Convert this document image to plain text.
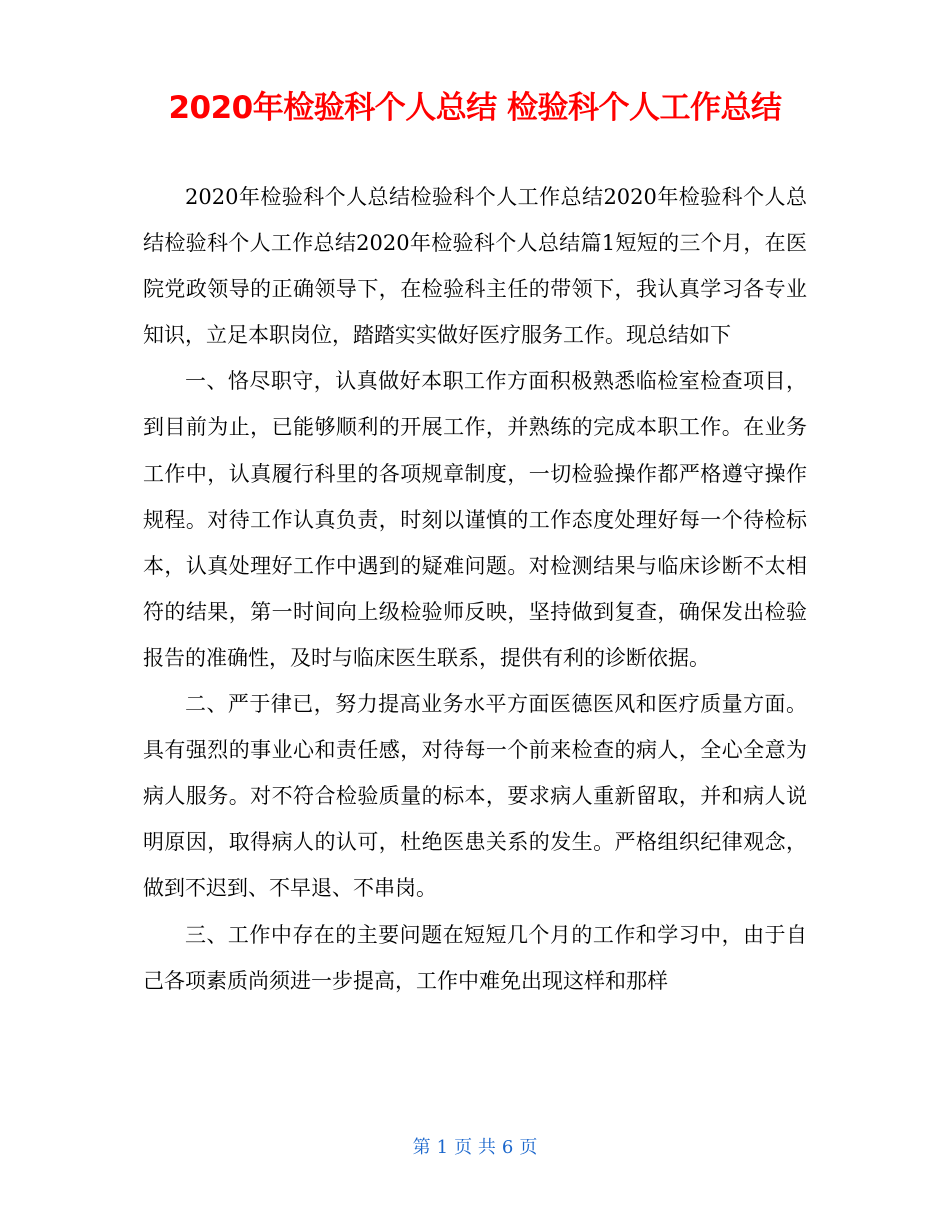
2020年检验科个人总结 检验科个人工作总结

2020年检验科个人总结检验科个人工作总结2020年检验科个人总结检验科个人工作总结2020年检验科个人总结篇1短短的三个月，在医院党政领导的正确领导下，在检验科主任的带领下，我认真学习各专业知识，立足本职岗位，踏踏实实做好医疗服务工作。现总结如下

一、恪尽职守，认真做好本职工作方面积极熟悉临检室检查项目，到目前为止，已能够顺利的开展工作，并熟练的完成本职工作。在业务工作中，认真履行科里的各项规章制度，一切检验操作都严格遵守操作规程。对待工作认真负责，时刻以谨慎的工作态度处理好每一个待检标本，认真处理好工作中遇到的疑难问题。对检测结果与临床诊断不太相符的结果，第一时间向上级检验师反映，坚持做到复查，确保发出检验报告的准确性，及时与临床医生联系，提供有利的诊断依据。

二、严于律已，努力提高业务水平方面医德医风和医疗质量方面。具有强烈的事业心和责任感，对待每一个前来检查的病人，全心全意为病人服务。对不符合检验质量的标本，要求病人重新留取，并和病人说明原因，取得病人的认可，杜绝医患关系的发生。严格组织纪律观念，做到不迟到、不早退、不串岗。

三、工作中存在的主要问题在短短几个月的工作和学习中，由于自己各项素质尚须进一步提高，工作中难免出现这样和那样

第 1 页 共 6 页
